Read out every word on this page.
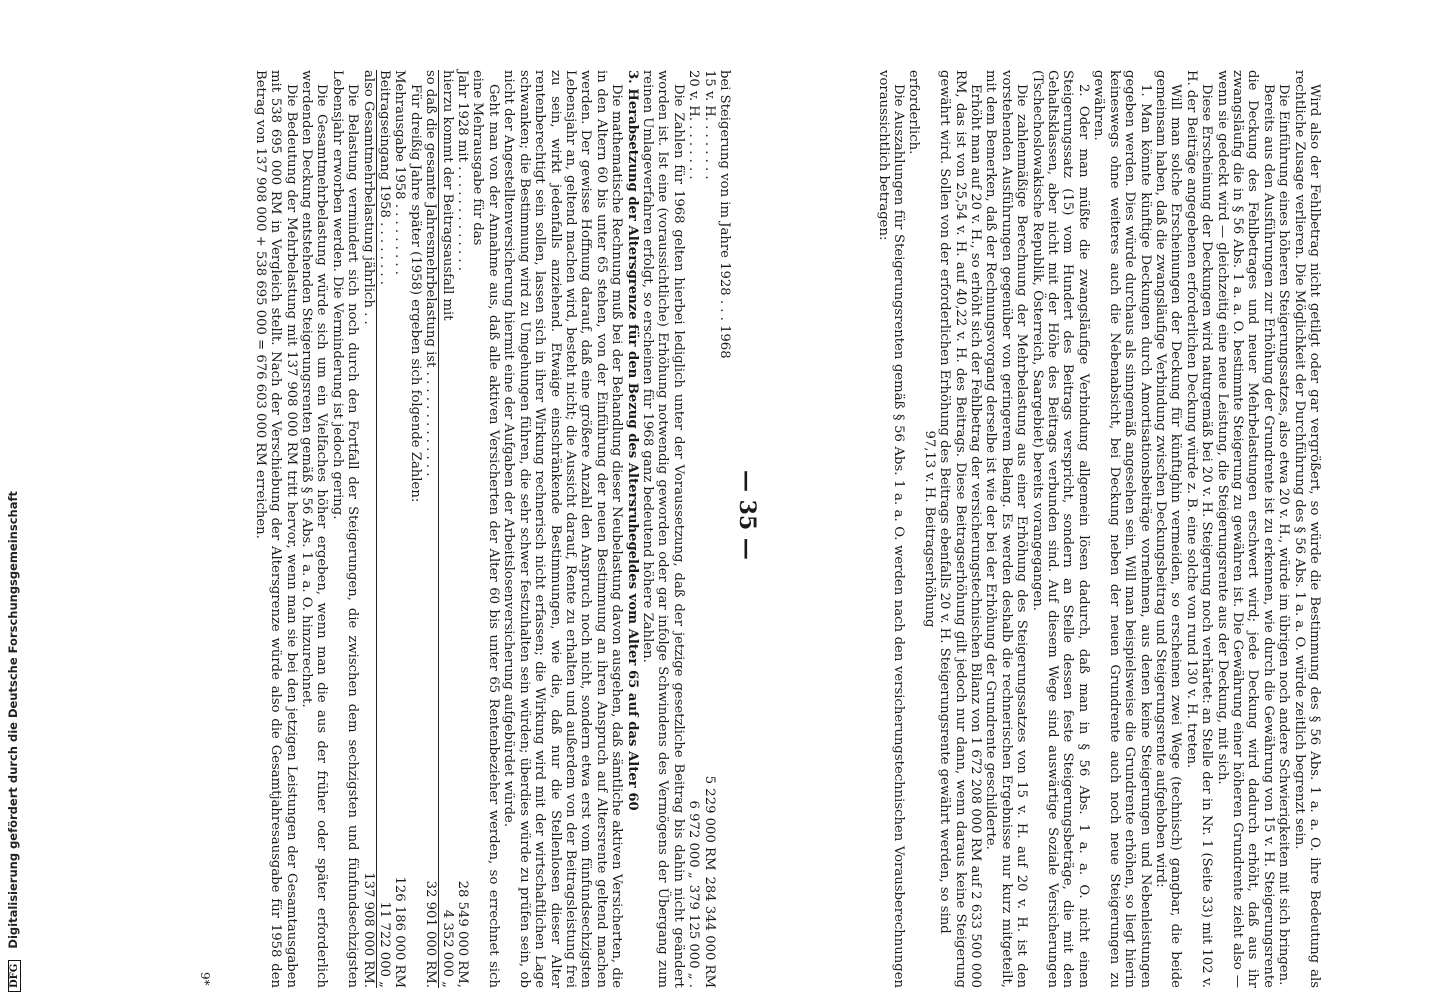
Wird also der Fehlbetrag nicht getilgt oder gar vergrößert, so würde die Bestimmung des § 56 Abs. 1 a. a. O. ihre Bedeutung als rechtliche Zusage verlieren. Die Möglichkeit der Durchführung des § 56 Abs. 1 a. a. O. würde zeitlich begrenzt sein.

Die Einführung eines höheren Steigerungssatzes, also etwa 20 v. H., würde im übrigen noch andere Schwierigkeiten mit sich bringen.

Bereits aus den Ausführungen zur Erhöhung der Grundrente ist zu erkennen, wie durch die Gewährung von 15 v. H. Steigerungsrente die Deckung des Fehlbetrages und neuer Mehrbelastungen erschwert wird; jede Deckung wird dadurch erhöht, daß aus ihr zwangsläufig die in § 56 Abs. 1 a. a. O. bestimmte Steigerung zu gewähren ist. Die Gewährung einer höheren Grundrente zieht also — wenn sie gedeckt wird — gleichzeitig eine neue Leistung, die Steigerungsrente aus der Deckung, mit sich.

Diese Erscheinung der Deckungen wird naturgemäß bei 20 v. H. Steigerung noch verhärtet: an Stelle der in Nr. 1 (Seite 33) mit 102 v. H. der Beiträge angegebenen erforderlichen Deckung würde z. B. eine solche von rund 130 v. H. treten.

Will man solche Erscheinungen der Deckung für künftighin vermeiden, so erscheinen zwei Wege (technisch) gangbar, die beide gemeinsam haben, daß die zwangsläufige Verbindung zwischen Deckungsbeitrag und Steigerungsrente aufgehoben wird:

1. Man könnte künftige Deckungen durch Amortisationsbeiträge vornehmen, aus denen keine Steigerungen und Nebenleistungen gegeben werden. Dies würde durchaus als sinngemäß angesehen sein. Will man beispielsweise die Grundrente erhöhen, so liegt hierin keineswegs ohne weiteres auch die Nebenabsicht, bei Deckung neben der neuen Grundrente auch noch neue Steigerungen zu gewähren.

2. Oder man müßte die zwangsläufige Verbindung allgemein lösen dadurch, daß man in § 56 Abs. 1 a. a. O. nicht einen Steigerungssatz (15) vom Hundert des Beitrags verspricht, sondern an Stelle dessen feste Steigerungsbeträge, die mit den Gehaltsklassen, aber nicht mit der Höhe des Beitrags verbunden sind. Auf diesem Wege sind auswärtige Soziale Versicherungen (Tschechoslowakische Republik, Österreich, Saargebiet) bereits vorangegangen.

Die zahlenmäßige Berechnung der Mehrbelastung aus einer Erhöhung des Steigerungssatzes von 15 v. H. auf 20 v. H. ist den vorstehenden Ausführungen gegenüber von geringerem Belang. Es werden deshalb die rechnerischen Ergebnisse nur kurz mitgeteilt, mit dem Bemerken, daß der Rechnungsvorgang derselbe ist wie der bei der Erhöhung der Grundrente geschilderte.

Erhöht man auf 20 v. H., so erhöht sich der Fehlbetrag der versicherungstechnischen Bilanz von 1 672 208 000 RM auf 2 633 500 000 RM, das ist von 25,54 v. H. auf 40,22 v. H. des Beitrags. Diese Beitragserhöhung gilt jedoch nur dann, wenn daraus keine Steigerung gewährt wird. Sollen von der erforderlichen Erhöhung des Beitrags ebenfalls 20 v. H. Steigerungsrente gewährt werden, so sind

97,13 v. H. Beitragserhöhung

erforderlich.

Die Auszahlungen für Steigerungsrenten gemäß § 56 Abs. 1 a. a. O. werden nach den versicherungstechnischen Vorausberechnungen voraussichtlich betragen:

— 35 —

bei Steigerung von im Jahre 1928 . . . 1968

15 v. H. . . . . . . .
5 229 000 RM
284 344 000 RM
20 v. H. . . . . . . .
6 972 000 „
379 125 000 „ .

Die Zahlen für 1968 gelten hierbei lediglich unter der Voraussetzung, daß der jetzige gesetzliche Beitrag bis dahin nicht geändert worden ist. Ist eine (voraussichtliche) Erhöhung notwendig geworden oder gar infolge Schwindens des Vermögens der Übergang zum reinen Umlageverfahren erfolgt, so erscheinen für 1968 ganz bedeutend höhere Zahlen.

3. Herabsetzung der Altersgrenze für den Bezug des Altersruhegeldes vom Alter 65 auf das Alter 60

Die mathematische Rechnung muß bei der Behandlung dieser Neubelastung davon ausgehen, daß sämtliche aktiven Versicherten, die in den Altern 60 bis unter 65 stehen, von der Einführung der neuen Bestimmung an ihren Anspruch auf Altersrente geltend machen werden. Der gewisse Hoffnung darauf, daß eine größere Anzahl den Anspruch noch nicht, sondern etwa erst vom fünfundsechzigsten Lebensjahr an, geltend machen wird, besteht nicht; die Aussicht darauf, Rente zu erhalten und außerdem von der Beitragsleistung frei zu sein, wirkt jedenfalls anziehend. Etwaige einschränkende Bestimmungen, wie die, daß nur die Stellenlosen dieser Alter rentenberechtigt sein sollen, lassen sich in ihrer Wirkung rechnerisch nicht erfassen; die Wirkung wird mit der wirtschaftlichen Lage schwanken; die Bestimmung wird zu Umgehungen führen, die sehr schwer festzuhalten sein würden; überdies würde zu prüfen sein, ob nicht der Angestelltenversicherung hiermit eine der Aufgaben der Arbeitslosenversicherung aufgebürdet würde.

Geht man von der Annahme aus, daß alle aktiven Versicherten der Alter 60 bis unter 65 Rentenbezieher werden, so errechnet sich eine Mehrausgabe für das

Jahr 1928 mit . . . . . . . . . . . . .
28 549 000 RM,
hierzu kommt der Beitragsausfall mit
4 352 000 „
so daß die gesamte Jahresmehrbelastung ist . . . . . . . . . . . . .
32 901 000 RM.

Für dreißig Jahre später (1958) ergeben sich folgende Zahlen:

Mehrausgabe 1958 . . . . . . . . .
126 186 000 RM
Beitragseingang 1958 . . . . . . . .
11 722 000 „
also Gesamtmehrbelastung jährlich . .
137 908 000 RM.

Die Belastung vermindert sich noch durch den Fortfall der Steigerungen, die zwischen dem sechzigsten und fünfundsechzigsten Lebensjahr erworben werden. Die Verminderung ist jedoch gering.

Die Gesamtmehrbelastung würde sich um ein Vielfaches höher ergeben, wenn man die aus der früher oder später erforderlich werdenden Deckung entstehenden Steigerungsrenten gemäß § 56 Abs. 1 a. a. O. hinzurechnet.

Die Bedeutung der Mehrbelastung mit 137 908 000 RM tritt hervor, wenn man sie bei den jetzigen Leistungen der Gesamtausgaben mit 538 695 000 RM in Vergleich stellt. Nach der Verschiebung der Altersgrenze würde also die Gesamtjahresausgabe für 1958 den Betrag von 137 908 000 + 538 695 000 = 676 603 000 RM erreichen.

9*
DFG Digitalisierung gefördert durch die Deutsche Forschungsgemeinschaft
